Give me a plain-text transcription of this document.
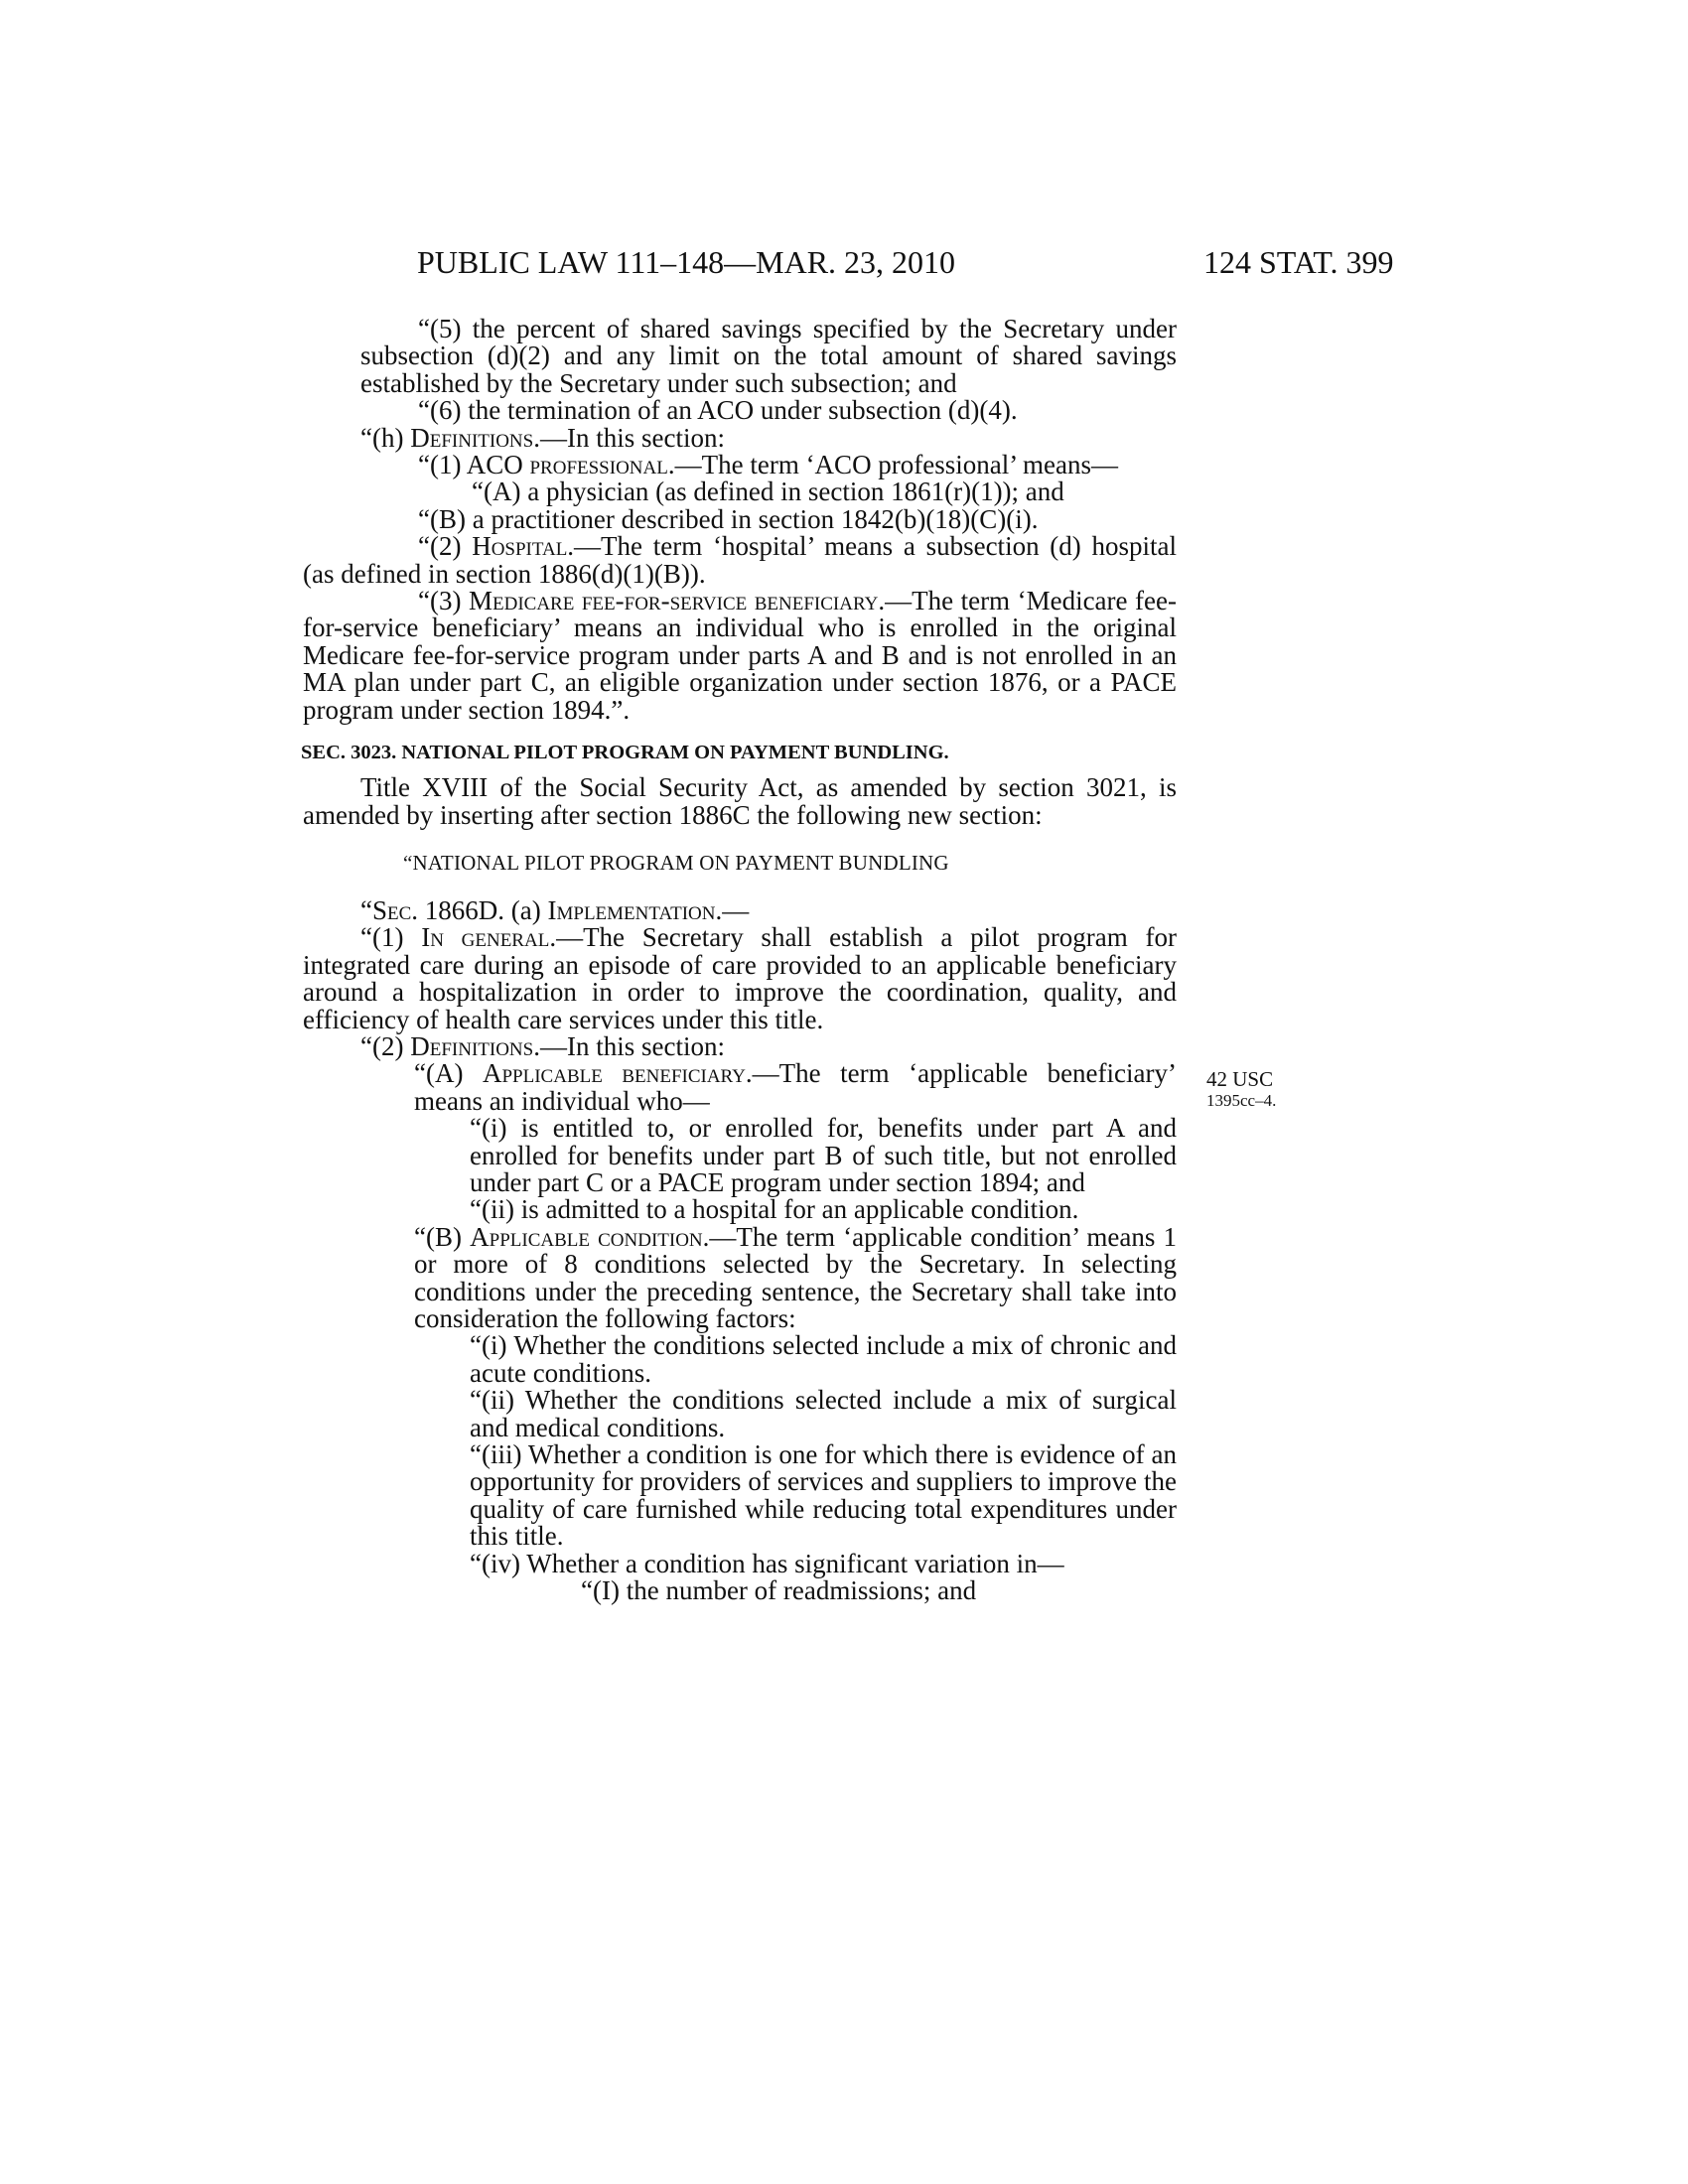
PUBLIC LAW 111–148—MAR. 23, 2010	124 STAT. 399
42 USC
1395cc–4.

“(5) the percent of shared savings specified by the Secretary under subsection (d)(2) and any limit on the total amount of shared savings established by the Secretary under such subsection; and

“(6) the termination of an ACO under subsection (d)(4).

“(h) Definitions.—In this section:

“(1) ACO professional.—The term ‘ACO professional’ means—

“(A) a physician (as defined in section 1861(r)(1)); and

“(B) a practitioner described in section 1842(b)(18)(C)(i).

“(2) Hospital.—The term ‘hospital’ means a subsection (d) hospital (as defined in section 1886(d)(1)(B)).

“(3) Medicare fee-for-service beneficiary.—The term ‘Medicare fee-for-service beneficiary’ means an individual who is enrolled in the original Medicare fee-for-service program under parts A and B and is not enrolled in an MA plan under part C, an eligible organization under section 1876, or a PACE program under section 1894.”.

SEC. 3023. NATIONAL PILOT PROGRAM ON PAYMENT BUNDLING.

Title XVIII of the Social Security Act, as amended by section 3021, is amended by inserting after section 1886C the following new section:

“NATIONAL PILOT PROGRAM ON PAYMENT BUNDLING

“Sec. 1866D. (a) Implementation.—

“(1) In general.—The Secretary shall establish a pilot program for integrated care during an episode of care provided to an applicable beneficiary around a hospitalization in order to improve the coordination, quality, and efficiency of health care services under this title.

“(2) Definitions.—In this section:

“(A) Applicable beneficiary.—The term ‘applicable beneficiary’ means an individual who—

“(i) is entitled to, or enrolled for, benefits under part A and enrolled for benefits under part B of such title, but not enrolled under part C or a PACE program under section 1894; and

“(ii) is admitted to a hospital for an applicable condition.

“(B) Applicable condition.—The term ‘applicable condition’ means 1 or more of 8 conditions selected by the Secretary. In selecting conditions under the preceding sentence, the Secretary shall take into consideration the following factors:

“(i) Whether the conditions selected include a mix of chronic and acute conditions.

“(ii) Whether the conditions selected include a mix of surgical and medical conditions.

“(iii) Whether a condition is one for which there is evidence of an opportunity for providers of services and suppliers to improve the quality of care furnished while reducing total expenditures under this title.

“(iv) Whether a condition has significant variation in—

“(I) the number of readmissions; and
